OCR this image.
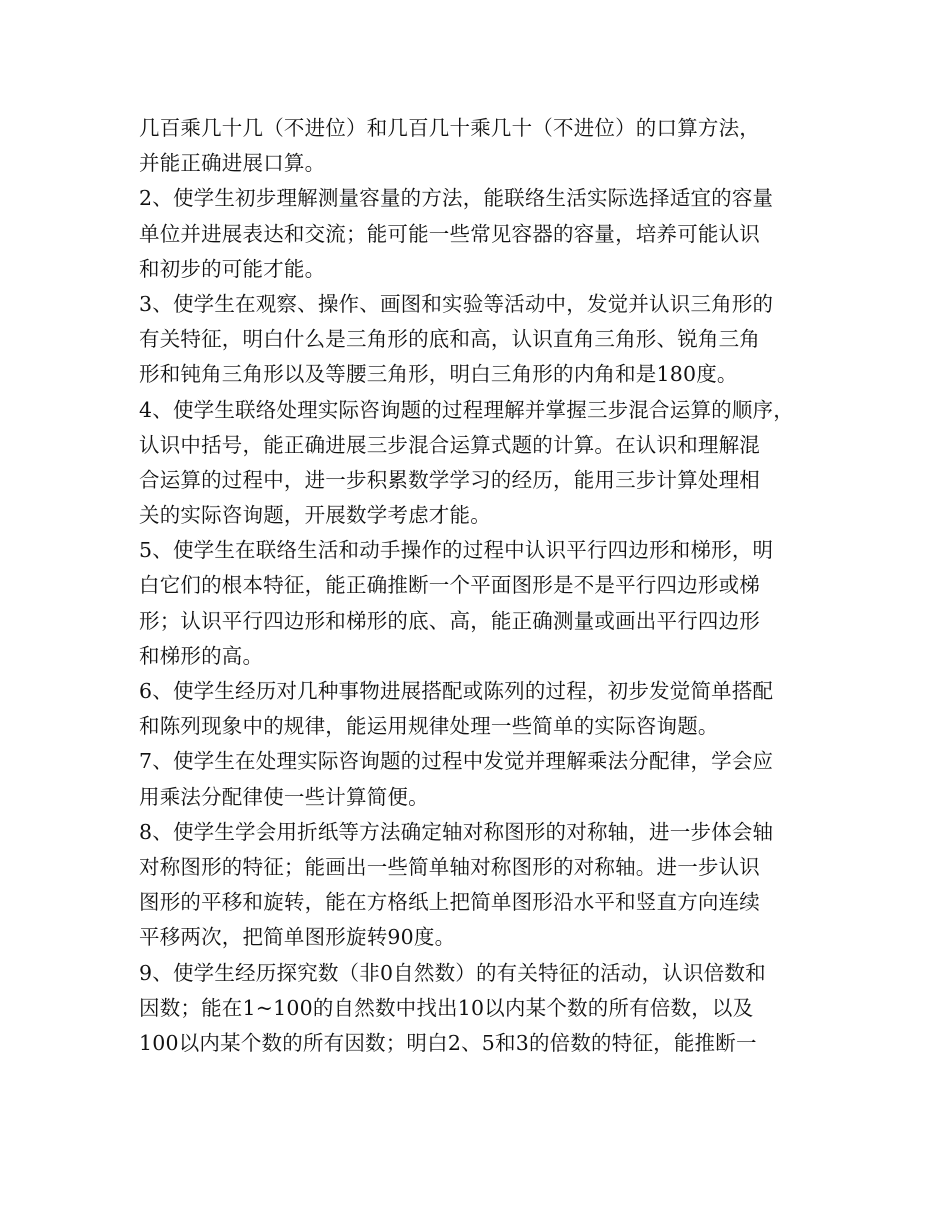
几百乘几十几（不进位）和几百几十乘几十（不进位）的口算方法，
并能正确进展口算。
2、使学生初步理解测量容量的方法，能联络生活实际选择适宜的容量
单位并进展表达和交流；能可能一些常见容器的容量，培养可能认识
和初步的可能才能。
3、使学生在观察、操作、画图和实验等活动中，发觉并认识三角形的
有关特征，明白什么是三角形的底和高，认识直角三角形、锐角三角
形和钝角三角形以及等腰三角形，明白三角形的内角和是180度。
4、使学生联络处理实际咨询题的过程理解并掌握三步混合运算的顺序，
认识中括号，能正确进展三步混合运算式题的计算。在认识和理解混
合运算的过程中，进一步积累数学学习的经历，能用三步计算处理相
关的实际咨询题，开展数学考虑才能。
5、使学生在联络生活和动手操作的过程中认识平行四边形和梯形，明
白它们的根本特征，能正确推断一个平面图形是不是平行四边形或梯
形；认识平行四边形和梯形的底、高，能正确测量或画出平行四边形
和梯形的高。
6、使学生经历对几种事物进展搭配或陈列的过程，初步发觉简单搭配
和陈列现象中的规律，能运用规律处理一些简单的实际咨询题。
7、使学生在处理实际咨询题的过程中发觉并理解乘法分配律，学会应
用乘法分配律使一些计算简便。
8、使学生学会用折纸等方法确定轴对称图形的对称轴，进一步体会轴
对称图形的特征；能画出一些简单轴对称图形的对称轴。进一步认识
图形的平移和旋转，能在方格纸上把简单图形沿水平和竖直方向连续
平移两次，把简单图形旋转90度。
9、使学生经历探究数（非0自然数）的有关特征的活动，认识倍数和
因数；能在1~100的自然数中找出10以内某个数的所有倍数，以及
100以内某个数的所有因数；明白2、5和3的倍数的特征，能推断一
